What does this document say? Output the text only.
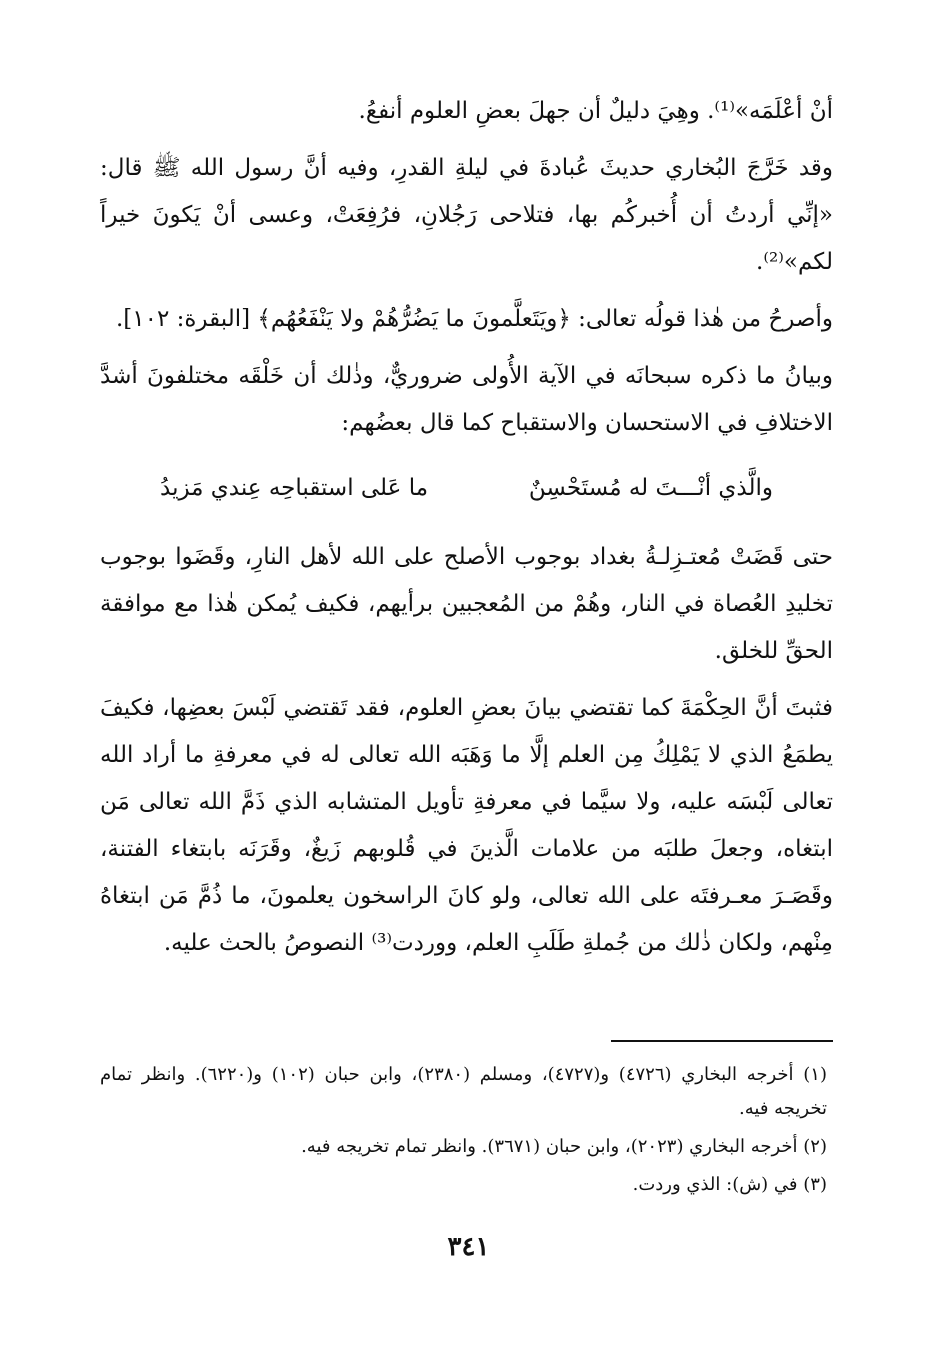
أنْ أعْلَمَه»⁽¹⁾. وهِيَ دليلٌ أن جهلَ بعضِ العلوم أنفعُ.

وقد خَرَّجَ البُخاري حديثَ عُبادةَ في ليلةِ القدرِ، وفيه أنَّ رسول الله ﷺ قال: «إنِّي أردتُ أن أُخبركُم بها، فتلاحى رَجُلانِ، فرُفِعَتْ، وعسى أنْ يَكونَ خيراً لكم»⁽²⁾.

وأصرحُ من هٰذا قولُه تعالى: ﴿ويَتَعلَّمونَ ما يَضُرُّهُمْ ولا يَنْفَعُهُم﴾ [البقرة: ١٠٢].

وبيانُ ما ذكره سبحانَه في الآية الأُولى ضروريٌّ، وذٰلك أن خَلْقَه مختلفونَ أشدَّ الاختلافِ في الاستحسان والاستقباح كما قال بعضُهم:

والَّذي أنْـــتَ له مُستَحْسِنٌ
ما عَلى استقباحِه عِندي مَزيدُ

حتى قَضَتْ مُعتـزِلـةُ بغداد بوجوب الأصلح على الله لأهل النارِ، وقَضَوا بوجوب تخليدِ العُصاة في النار، وهُمْ من المُعجبين برأيهم، فكيف يُمكن هٰذا مع موافقة الحقِّ للخلق.

فثبتَ أنَّ الحِكْمَةَ كما تقتضي بيانَ بعضِ العلوم، فقد تَقتضي لَبْسَ بعضِها، فكيفَ يطمَعُ الذي لا يَمْلِكُ مِن العلم إلَّا ما وَهَبَه الله تعالى له في معرفةِ ما أراد الله تعالى لَبْسَه عليه، ولا سيَّما في معرفةِ تأويل المتشابه الذي ذَمَّ الله تعالى مَن ابتغاه، وجعلَ طلبَه من علامات الَّذينَ في قُلوبهم زَيغٌ، وقَرَنَه بابتغاء الفتنة، وقَصَـرَ معـرفتَه على الله تعالى، ولو كانَ الراسخون يعلمونَ، ما ذُمَّ مَن ابتغاهُ مِنْهم، ولكان ذٰلك من جُملةِ طَلَبِ العلم، ووردت⁽³⁾ النصوصُ بالحث عليه.

(١) أخرجه البخاري (٤٧٢٦) و(٤٧٢٧)، ومسلم (٢٣٨٠)، وابن حبان (١٠٢) و(٦٢٢٠). وانظر تمام تخريجه فيه.

(٢) أخرجه البخاري (٢٠٢٣)، وابن حبان (٣٦٧١). وانظر تمام تخريجه فيه.

(٣) في (ش): الذي وردت.

٣٤١
